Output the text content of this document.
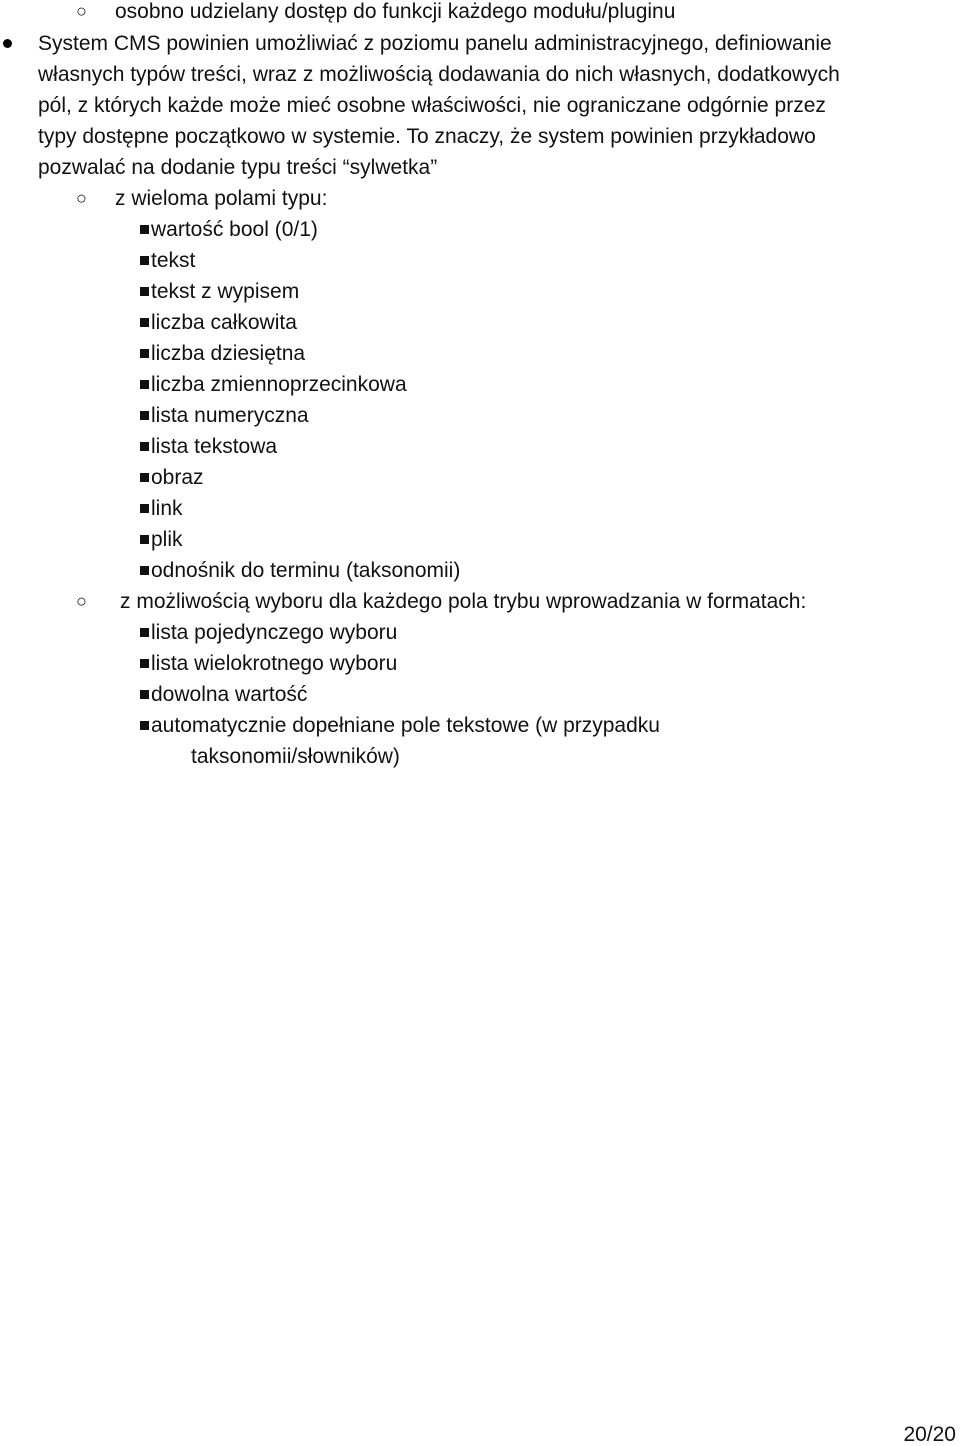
○ osobno udzielany dostęp do funkcji każdego modułu/pluginu
System CMS powinien umożliwiać z poziomu panelu administracyjnego, definiowanie
własnych typów treści, wraz z możliwością dodawania do nich własnych, dodatkowych
pól, z których każde może mieć osobne właściwości, nie ograniczane odgórnie przez
typy dostępne początkowo w systemie. To znaczy, że system powinien przykładowo
pozwalać na dodanie typu treści “sylwetka”
○ z wieloma polami typu:
wartość bool (0/1)
tekst
tekst z wypisem
liczba całkowita
liczba dziesiętna
liczba zmiennoprzecinkowa
lista numeryczna
lista tekstowa
obraz
link
plik
odnośnik do terminu (taksonomii)
○ z możliwością wyboru dla każdego pola trybu wprowadzania w formatach:
lista pojedynczego wyboru
lista wielokrotnego wyboru
dowolna wartość
automatycznie dopełniane pole tekstowe (w przypadku
taksonomii/słowników)
20/20
